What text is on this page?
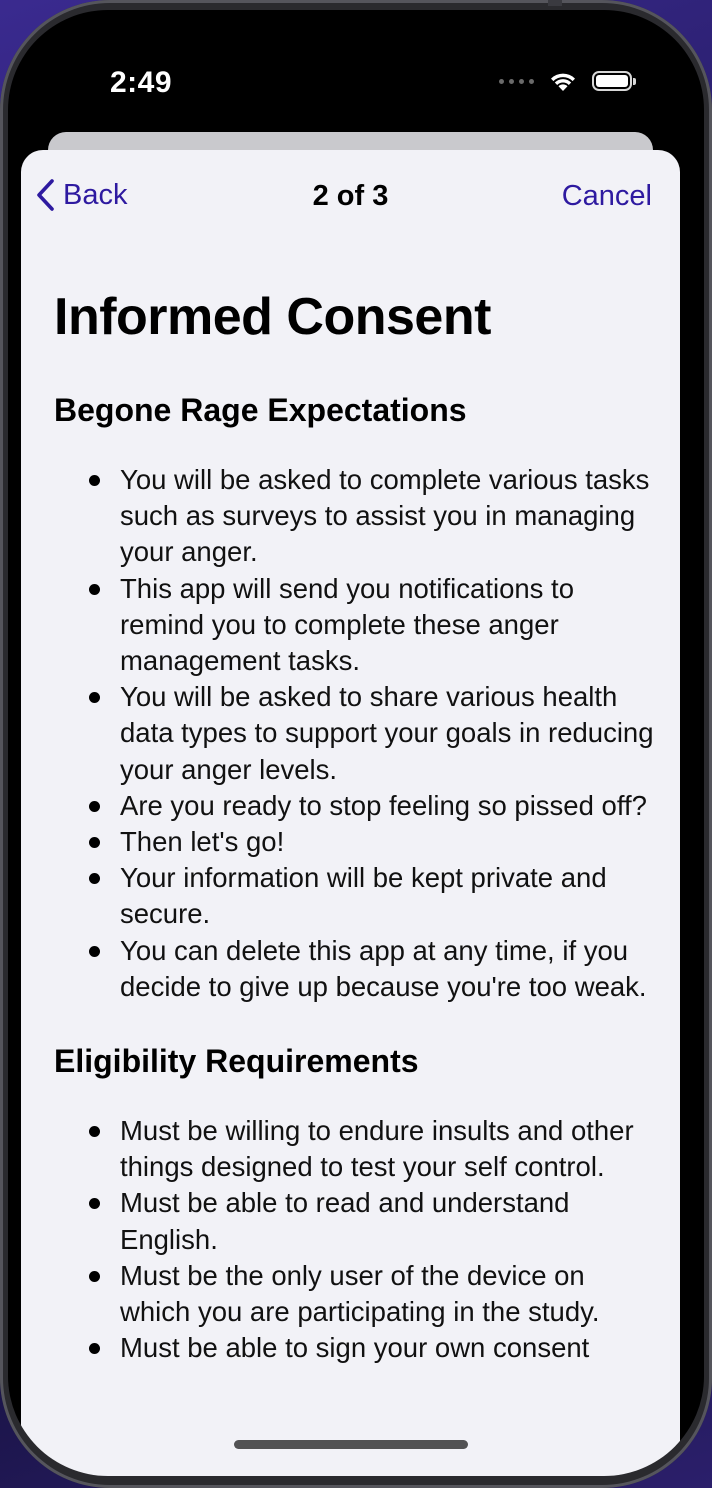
2:49
Back	2 of 3	Cancel
Informed Consent
Begone Rage Expectations
You will be asked to complete various tasks such as surveys to assist you in managing your anger.
This app will send you notifications to remind you to complete these anger management tasks.
You will be asked to share various health data types to support your goals in reducing your anger levels.
Are you ready to stop feeling so pissed off?
Then let's go!
Your information will be kept private and secure.
You can delete this app at any time, if you decide to give up because you're too weak.
Eligibility Requirements
Must be willing to endure insults and other things designed to test your self control.
Must be able to read and understand English.
Must be the only user of the device on which you are participating in the study.
Must be able to sign your own consent
